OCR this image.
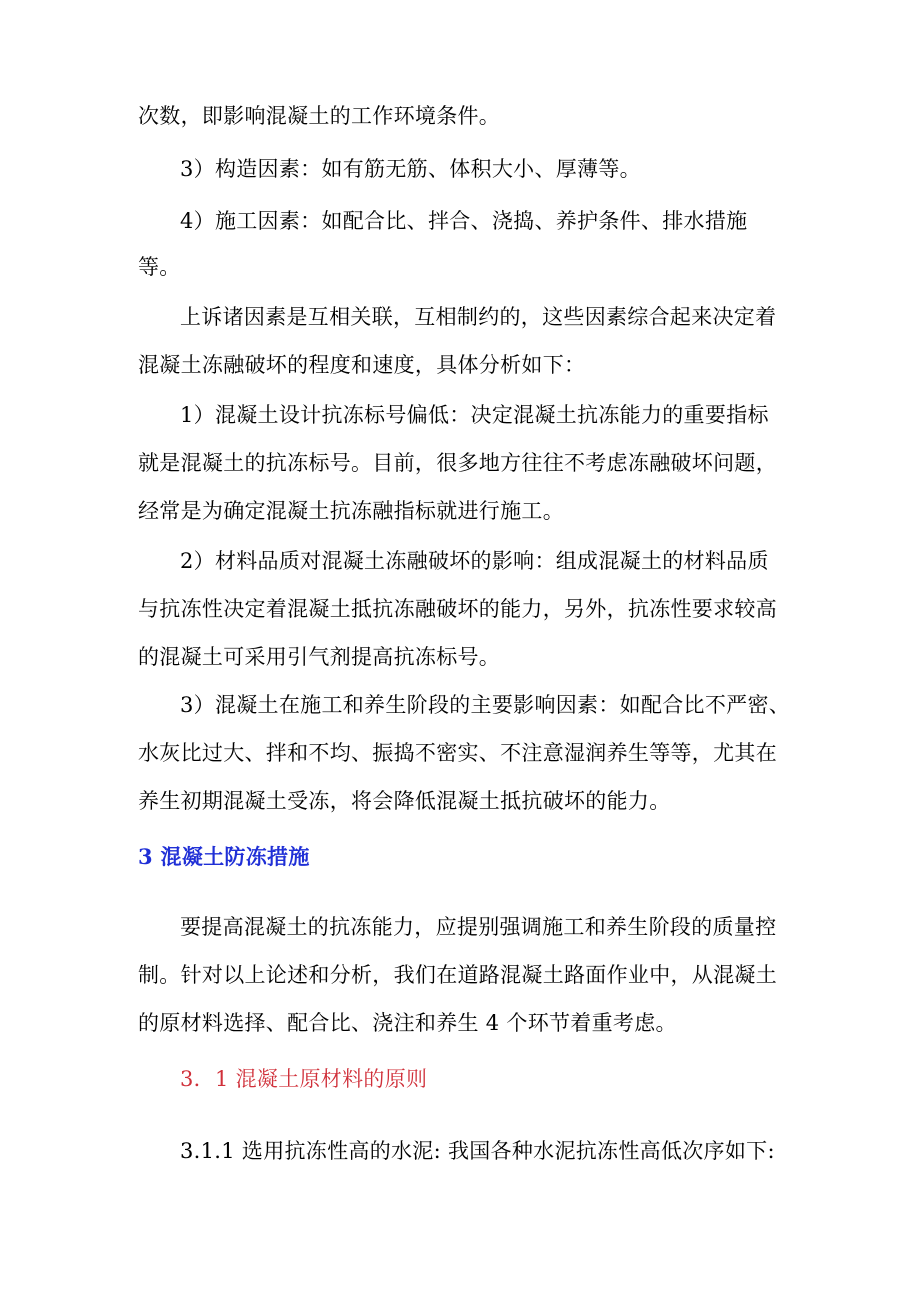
次数，即影响混凝土的工作环境条件。
3）构造因素：如有筋无筋、体积大小、厚薄等。
4）施工因素：如配合比、拌合、浇捣、养护条件、排水措施
等。
上诉诸因素是互相关联，互相制约的，这些因素综合起来决定着
混凝土冻融破坏的程度和速度，具体分析如下：
1）混凝土设计抗冻标号偏低：决定混凝土抗冻能力的重要指标
就是混凝土的抗冻标号。目前，很多地方往往不考虑冻融破坏问题，
经常是为确定混凝土抗冻融指标就进行施工。
2）材料品质对混凝土冻融破坏的影响：组成混凝土的材料品质
与抗冻性决定着混凝土抵抗冻融破坏的能力，另外，抗冻性要求较高
的混凝土可采用引气剂提高抗冻标号。
3）混凝土在施工和养生阶段的主要影响因素：如配合比不严密、
水灰比过大、拌和不均、振捣不密实、不注意湿润养生等等，尤其在
养生初期混凝土受冻，将会降低混凝土抵抗破坏的能力。
3 混凝土防冻措施
要提高混凝土的抗冻能力，应提别强调施工和养生阶段的质量控
制。针对以上论述和分析，我们在道路混凝土路面作业中，从混凝土
的原材料选择、配合比、浇注和养生 4 个环节着重考虑。
3．1 混凝土原材料的原则
3.1.1 选用抗冻性高的水泥: 我国各种水泥抗冻性高低次序如下:
